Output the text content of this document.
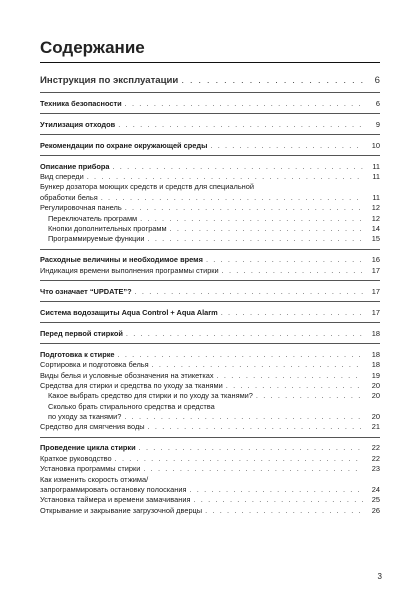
Содержание
Инструкция по эксплуатации . . .	6
Техника безопасности . . .	6
Утилизация отходов . . .	9
Рекомендации по охране окружающей среды . . .	10
Описание прибора . . .	11
Вид спереди . . .	11
Бункер дозатора моющих средств и средств для специальной
обработки белья . . .	11
Регулировочная панель . . .	12
Переключатель программ . . .	12
Кнопки дополнительных программ . . .	14
Программируемые функции . . .	15
Расходные величины и необходимое время . . .	16
Индикация времени выполнения программы стирки . . .	17
Что означает “UPDATE”? . . .	17
Система водозащиты Aqua Control + Aqua Alarm . . .	17
Перед первой стиркой . . .	18
Подготовка к стирке . . .	18
Сортировка и подготовка белья . . .	18
Виды белья и условные обозначения на этикетках . . .	19
Средства для стирки и средства по уходу за тканями . . .	20
Какое выбрать средство для стирки и по уходу за тканями? . . .	20
Сколько брать стирального средства и средства
по уходу за тканями? . . .	20
Средство для смягчения воды . . .	21
Проведение цикла стирки . . .	22
Краткое руководство . . .	22
Установка программы стирки . . .	23
Как изменить скорость отжима/
запрограммировать остановку полоскания . . .	24
Установка таймера и времени замачивания . . .	25
Открывание и закрывание загрузочной дверцы . . .	26
3
